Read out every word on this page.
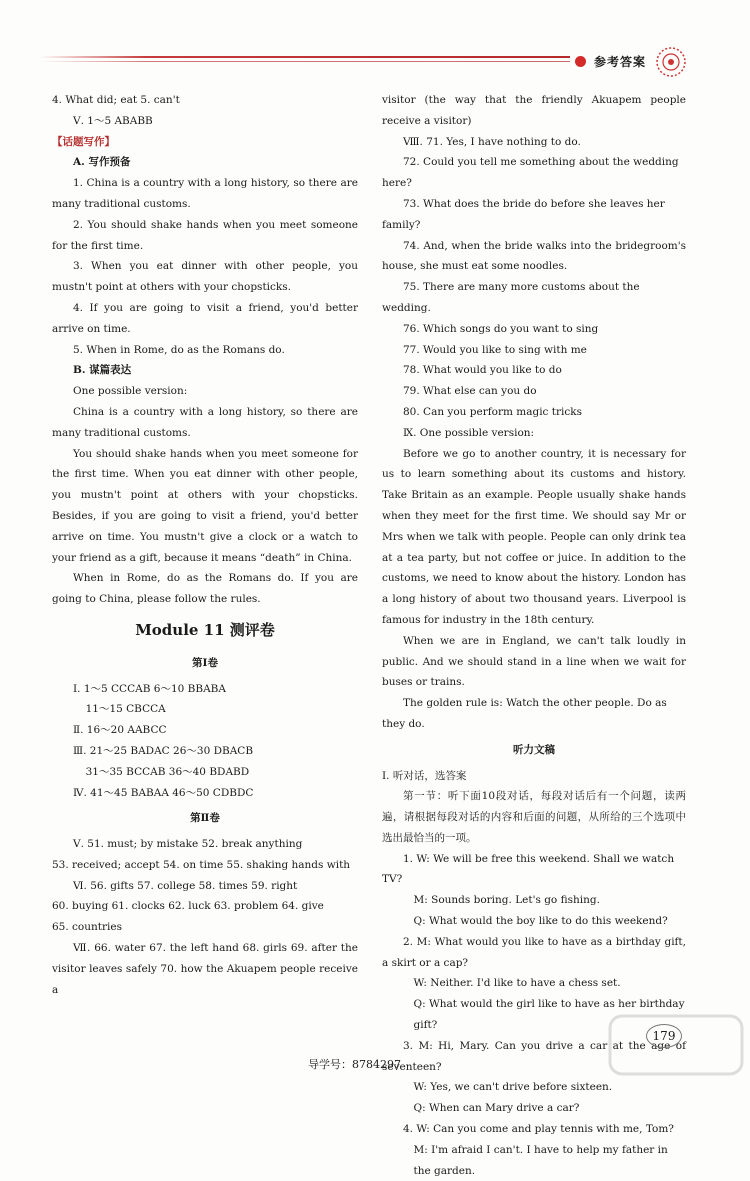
参考答案

4. What did; eat 5. can't

Ⅴ. 1～5 ABABB

【话题写作】

A. 写作预备

1. China is a country with a long history, so there are many traditional customs.

2. You should shake hands when you meet someone for the first time.

3. When you eat dinner with other people, you mustn't point at others with your chopsticks.

4. If you are going to visit a friend, you'd better arrive on time.

5. When in Rome, do as the Romans do.

B. 谋篇表达

One possible version:

China is a country with a long history, so there are many traditional customs.

You should shake hands when you meet someone for the first time. When you eat dinner with other people, you mustn't point at others with your chopsticks. Besides, if you are going to visit a friend, you'd better arrive on time. You mustn't give a clock or a watch to your friend as a gift, because it means “death” in China.

When in Rome, do as the Romans do. If you are going to China, please follow the rules.

Module 11 测评卷

第Ⅰ卷

Ⅰ. 1～5 CCCAB 6～10 BBABA

11～15 CBCCA

Ⅱ. 16～20 AABCC

Ⅲ. 21～25 BADAC 26～30 DBACB

31～35 BCCAB 36～40 BDABD

Ⅳ. 41～45 BABAA 46～50 CDBDC

第Ⅱ卷

Ⅴ. 51. must; by mistake 52. break anything

53. received; accept 54. on time 55. shaking hands with

Ⅵ. 56. gifts 57. college 58. times 59. right

60. buying 61. clocks 62. luck 63. problem 64. give

65. countries

Ⅶ. 66. water 67. the left hand 68. girls 69. after the visitor leaves safely 70. how the Akuapem people receive a

visitor (the way that the friendly Akuapem people receive a visitor)

Ⅷ. 71. Yes, I have nothing to do.

72. Could you tell me something about the wedding here?

73. What does the bride do before she leaves her family?

74. And, when the bride walks into the bridegroom's house, she must eat some noodles.

75. There are many more customs about the wedding.

76. Which songs do you want to sing

77. Would you like to sing with me

78. What would you like to do

79. What else can you do

80. Can you perform magic tricks

Ⅸ. One possible version:

Before we go to another country, it is necessary for us to learn something about its customs and history. Take Britain as an example. People usually shake hands when they meet for the first time. We should say Mr or Mrs when we talk with people. People can only drink tea at a tea party, but not coffee or juice. In addition to the customs, we need to know about the history. London has a long history of about two thousand years. Liverpool is famous for industry in the 18th century.

When we are in England, we can't talk loudly in public. And we should stand in a line when we wait for buses or trains.

The golden rule is: Watch the other people. Do as they do.

听力文稿

Ⅰ. 听对话，选答案

第一节：听下面10段对话，每段对话后有一个问题，读两遍，请根据每段对话的内容和后面的问题，从所给的三个选项中选出最恰当的一项。

1. W: We will be free this weekend. Shall we watch TV?

M: Sounds boring. Let's go fishing.

Q: What would the boy like to do this weekend?

2. M: What would you like to have as a birthday gift, a skirt or a cap?

W: Neither. I'd like to have a chess set.

Q: What would the girl like to have as her birthday gift?

3. M: Hi, Mary. Can you drive a car at the age of seventeen?

W: Yes, we can't drive before sixteen.

Q: When can Mary drive a car?

4. W: Can you come and play tennis with me, Tom?

M: I'm afraid I can't. I have to help my father in the garden.

179
导学号：8784297
